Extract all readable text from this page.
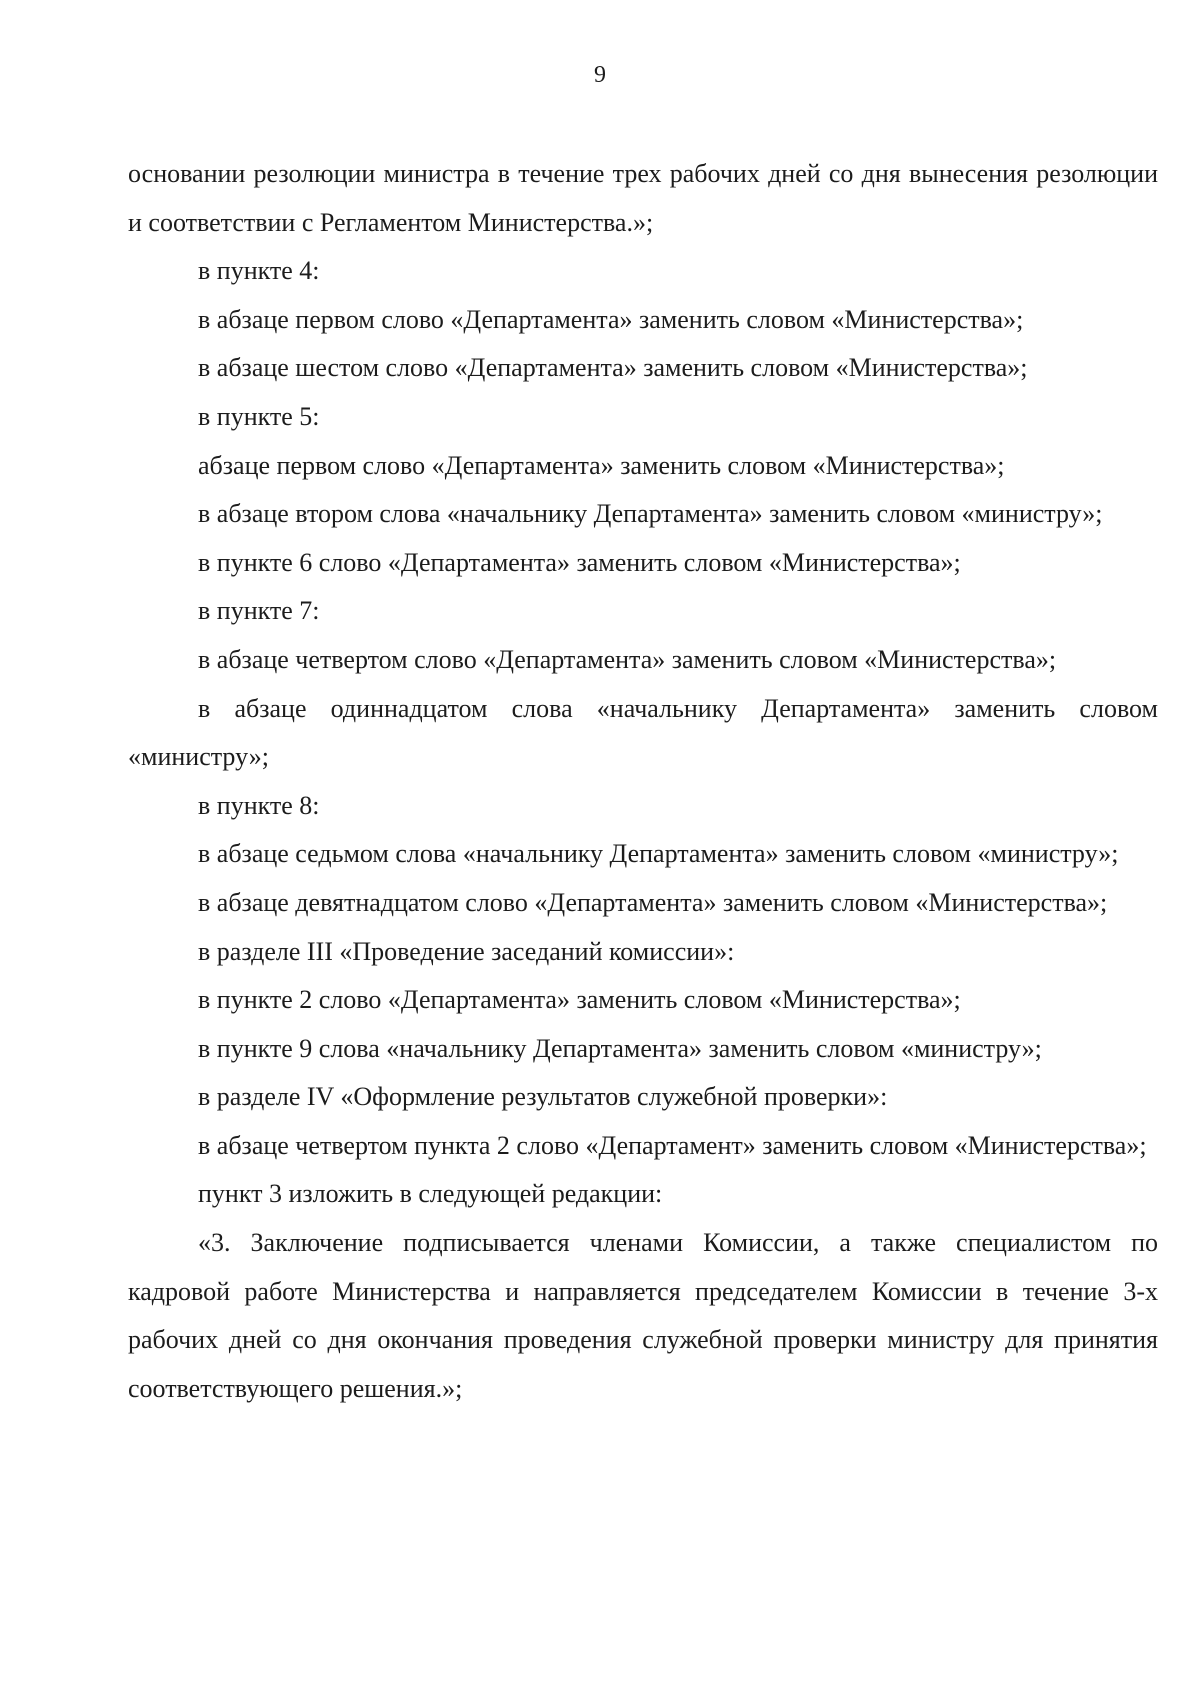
9

основании резолюции министра в течение трех рабочих дней со дня вынесения резолюции и соответствии с Регламентом Министерства.»;

в пункте 4:

в абзаце первом слово «Департамента» заменить словом «Министерства»;

в абзаце шестом слово «Департамента» заменить словом «Министерства»;

в пункте 5:

абзаце первом слово «Департамента» заменить словом «Министерства»;

в абзаце втором слова «начальнику Департамента» заменить словом «министру»;

в пункте 6 слово «Департамента» заменить словом «Министерства»;

в пункте 7:

в абзаце четвертом слово «Департамента» заменить словом «Министерства»;

в абзаце одиннадцатом слова «начальнику Департамента» заменить словом «министру»;

в пункте 8:

в абзаце седьмом слова «начальнику Департамента» заменить словом «министру»;

в абзаце девятнадцатом слово «Департамента» заменить словом «Министерства»;

в разделе III «Проведение заседаний комиссии»:

в пункте 2 слово «Департамента» заменить словом «Министерства»;

в пункте 9 слова «начальнику Департамента» заменить словом «министру»;

в разделе IV «Оформление результатов служебной проверки»:

в абзаце четвертом пункта 2 слово «Департамент» заменить словом «Министерства»;

пункт 3 изложить в следующей редакции:

«3. Заключение подписывается членами Комиссии, а также специалистом по кадровой работе Министерства и направляется председателем Комиссии в течение 3-х рабочих дней со дня окончания проведения служебной проверки министру для принятия соответствующего решения.»;
